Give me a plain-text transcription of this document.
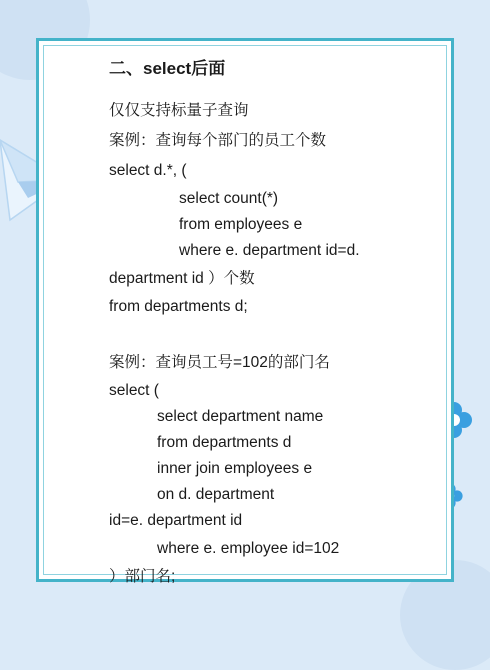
二、select后面
仅仅支持标量子查询
案例：查询每个部门的员工个数
select d.*, (
select count(*)
from employees e
where e. department id=d.
department id ）个数
from departments d;
案例：查询员工号=102的部门名
select (
select department name
from departments d
inner join employees e
on d. department
id=e. department id
where e. employee id=102
）部门名;
